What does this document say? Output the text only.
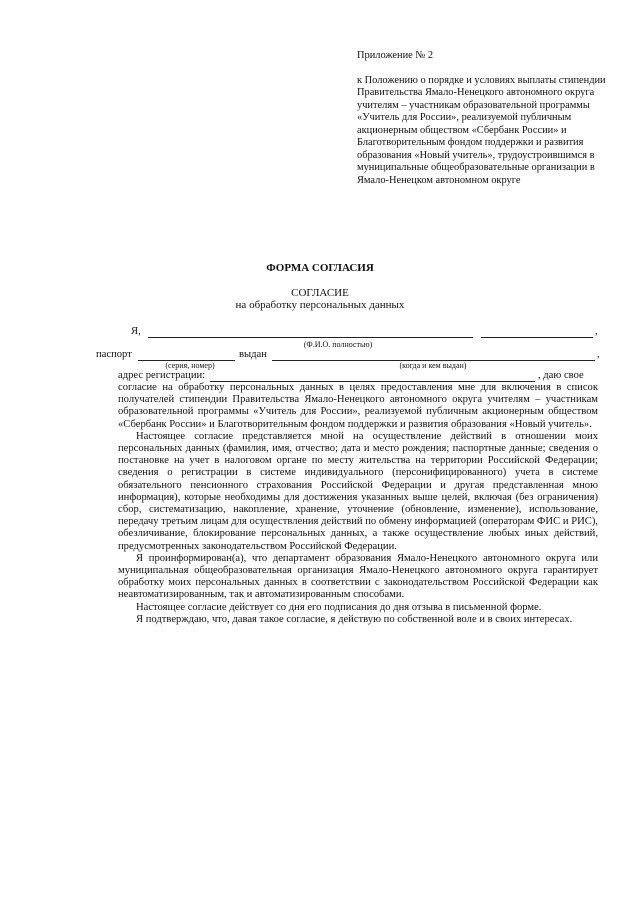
Приложение № 2
к Положению о порядке и условиях выплаты стипендии Правительства Ямало-Ненецкого автономного округа учителям – участникам образовательной программы «Учитель для России», реализуемой публичным акционерным обществом «Сбербанк России» и Благотворительным фондом поддержки и развития образования «Новый учитель», трудоустроившимся в муниципальные общеобразовательные организации в Ямало-Ненецком автономном округе
ФОРМА СОГЛАСИЯ
СОГЛАСИЕ
на обработку персональных данных
Я,	,
(Ф.И.О. полностью)
паспорт	выдан	,
(серия, номер)	(когда и кем выдан)
адрес регистрации:	, даю свое

согласие на обработку персональных данных в целях предоставления мне для включения в список получателей стипендии Правительства Ямало-Ненецкого автономного округа учителям – участникам образовательной программы «Учитель для России», реализуемой публичным акционерным обществом «Сбербанк России» и Благотворительным фондом поддержки и развития образования «Новый учитель».

Настоящее согласие представляется мной на осуществление действий в отношении моих персональных данных (фамилия, имя, отчество; дата и место рождения; паспортные данные; сведения о постановке на учет в налоговом органе по месту жительства на территории Российской Федерации; сведения о регистрации в системе индивидуального (персонифицированного) учета в системе обязательного пенсионного страхования Российской Федерации и другая представленная мною информация), которые необходимы для достижения указанных выше целей, включая (без ограничения) сбор, систематизацию, накопление, хранение, уточнение (обновление, изменение), использование, передачу третьим лицам для осуществления действий по обмену информацией (операторам ФИС и РИС), обезличивание, блокирование персональных данных, а также осуществление любых иных действий, предусмотренных законодательством Российской Федерации.

Я проинформирован(а), что департамент образования Ямало-Ненецкого автономного округа или муниципальная общеобразовательная организация Ямало-Ненецкого автономного округа гарантирует обработку моих персональных данных в соответствии с законодательством Российской Федерации как неавтоматизированным, так и автоматизированным способами.

Настоящее согласие действует со дня его подписания до дня отзыва в письменной форме.

Я подтверждаю, что, давая такое согласие, я действую по собственной воле и в своих интересах.
